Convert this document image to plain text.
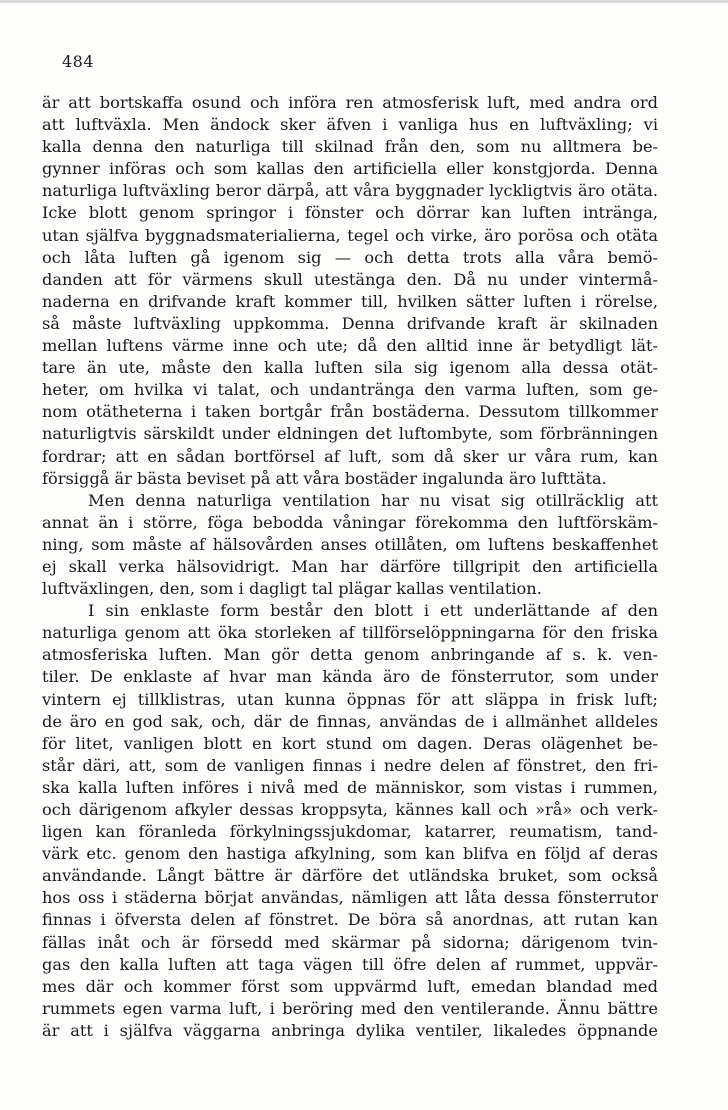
484
är att bortskaffa osund och införa ren atmosferisk luft, med andra ord
att luftväxla. Men ändock sker äfven i vanliga hus en luftväxling; vi
kalla denna den naturliga till skilnad från den, som nu alltmera be-
gynner införas och som kallas den artificiella eller konstgjorda. Denna
naturliga luftväxling beror därpå, att våra byggnader lyckligtvis äro otäta.
Icke blott genom springor i fönster och dörrar kan luften intränga,
utan själfva byggnadsmaterialierna, tegel och virke, äro porösa och otäta
och låta luften gå igenom sig — och detta trots alla våra bemö-
danden att för värmens skull utestänga den. Då nu under vintermå-
naderna en drifvande kraft kommer till, hvilken sätter luften i rörelse,
så måste luftväxling uppkomma. Denna drifvande kraft är skilnaden
mellan luftens värme inne och ute; då den alltid inne är betydligt lät-
tare än ute, måste den kalla luften sila sig igenom alla dessa otät-
heter, om hvilka vi talat, och undantränga den varma luften, som ge-
nom otätheterna i taken bortgår från bostäderna. Dessutom tillkommer
naturligtvis särskildt under eldningen det luftombyte, som förbränningen
fordrar; att en sådan bortförsel af luft, som då sker ur våra rum, kan
försiggå är bästa beviset på att våra bostäder ingalunda äro lufttäta.
Men denna naturliga ventilation har nu visat sig otillräcklig att
annat än i större, föga bebodda våningar förekomma den luftförskäm-
ning, som måste af hälsovården anses otillåten, om luftens beskaffenhet
ej skall verka hälsovidrigt. Man har därföre tillgripit den artificiella
luftväxlingen, den, som i dagligt tal plägar kallas ventilation.
I sin enklaste form består den blott i ett underlättande af den
naturliga genom att öka storleken af tillförselöppningarna för den friska
atmosferiska luften. Man gör detta genom anbringande af s. k. ven-
tiler. De enklaste af hvar man kända äro de fönsterrutor, som under
vintern ej tillklistras, utan kunna öppnas för att släppa in frisk luft;
de äro en god sak, och, där de finnas, användas de i allmänhet alldeles
för litet, vanligen blott en kort stund om dagen. Deras olägenhet be-
står däri, att, som de vanligen finnas i nedre delen af fönstret, den fri-
ska kalla luften införes i nivå med de människor, som vistas i rummen,
och därigenom afkyler dessas kroppsyta, kännes kall och »rå» och verk-
ligen kan föranleda förkylningssjukdomar, katarrer, reumatism, tand-
värk etc. genom den hastiga afkylning, som kan blifva en följd af deras
användande. Långt bättre är därföre det utländska bruket, som också
hos oss i städerna börjat användas, nämligen att låta dessa fönsterrutor
finnas i öfversta delen af fönstret. De böra så anordnas, att rutan kan
fällas inåt och är försedd med skärmar på sidorna; därigenom tvin-
gas den kalla luften att taga vägen till öfre delen af rummet, uppvär-
mes där och kommer först som uppvärmd luft, emedan blandad med
rummets egen varma luft, i beröring med den ventilerande. Ännu bättre
är att i själfva väggarna anbringa dylika ventiler, likaledes öppnande
